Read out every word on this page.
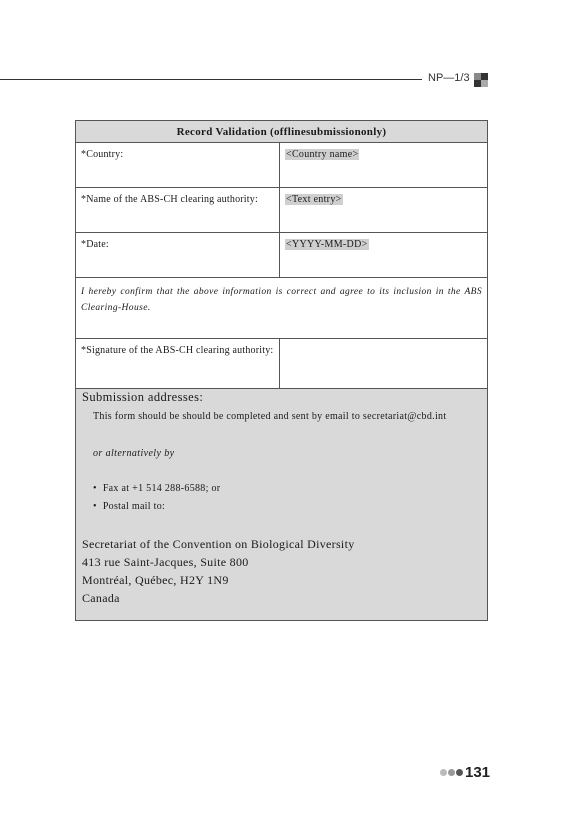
NP—1/3
Record Validation (offlinesubmissiononly)
*Country:	<Country name>
*Name of the ABS-CH clearing authority:	<Text entry>
*Date:	<YYYY-MM-DD>
I hereby confirm that the above information is correct and agree to its inclusion in the ABS Clearing-House.
*Signature of the ABS-CH clearing authority:
Submission addresses:
This form should be should be completed and sent by email to secretariat@cbd.int
or alternatively by
• Fax at +1 514 288-6588; or
• Postal mail to:
Secretariat of the Convention on Biological Diversity
413 rue Saint-Jacques, Suite 800
Montréal, Québec, H2Y 1N9
Canada
131
